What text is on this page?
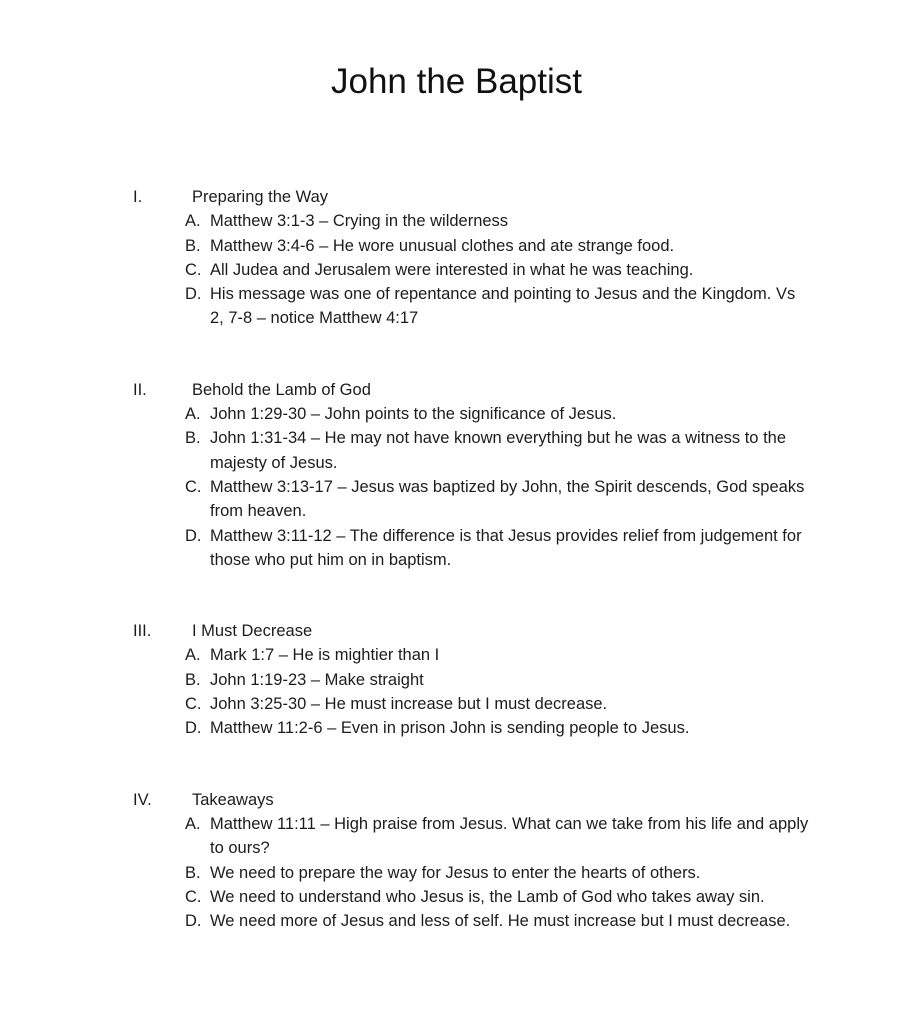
John the Baptist
I.	Preparing the Way
A. Matthew 3:1-3 – Crying in the wilderness
B. Matthew 3:4-6 – He wore unusual clothes and ate strange food.
C. All Judea and Jerusalem were interested in what he was teaching.
D. His message was one of repentance and pointing to Jesus and the Kingdom. Vs 2, 7-8 – notice Matthew 4:17
II.	Behold the Lamb of God
A. John 1:29-30 – John points to the significance of Jesus.
B. John 1:31-34 – He may not have known everything but he was a witness to the majesty of Jesus.
C. Matthew 3:13-17 – Jesus was baptized by John, the Spirit descends, God speaks from heaven.
D. Matthew 3:11-12 – The difference is that Jesus provides relief from judgement for those who put him on in baptism.
III.	I Must Decrease
A. Mark 1:7 – He is mightier than I
B. John 1:19-23 – Make straight
C. John 3:25-30 – He must increase but I must decrease.
D. Matthew 11:2-6 – Even in prison John is sending people to Jesus.
IV.	Takeaways
A. Matthew 11:11 – High praise from Jesus. What can we take from his life and apply to ours?
B. We need to prepare the way for Jesus to enter the hearts of others.
C. We need to understand who Jesus is, the Lamb of God who takes away sin.
D. We need more of Jesus and less of self. He must increase but I must decrease.
